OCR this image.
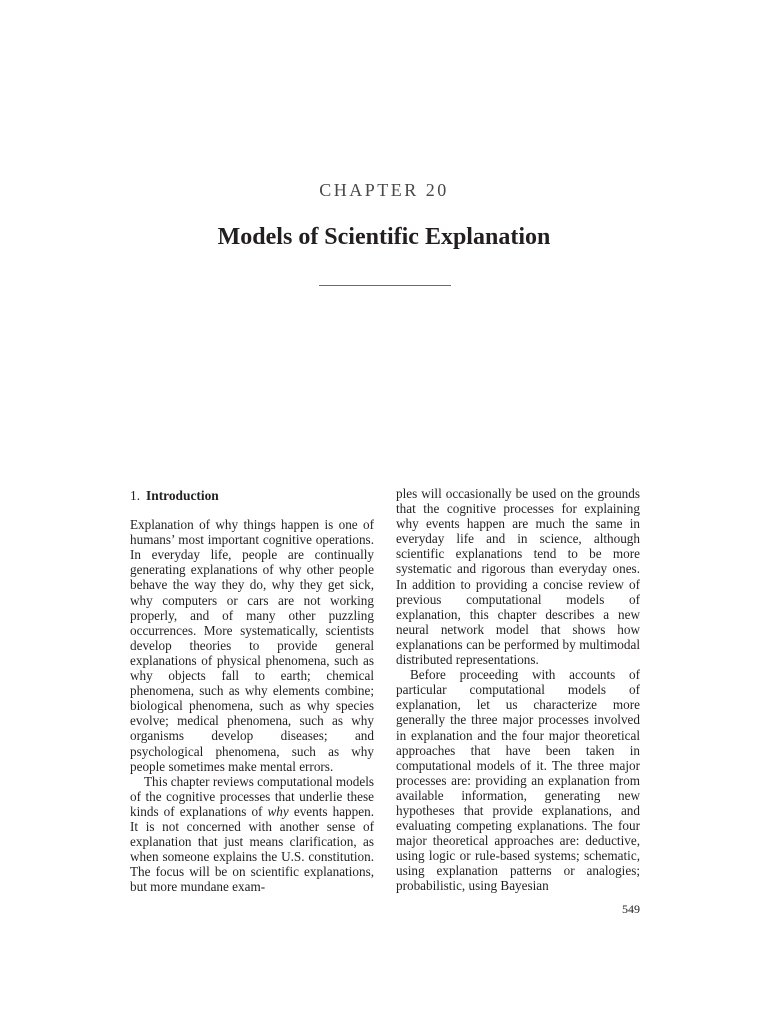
CHAPTER 20
Models of Scientific Explanation
1. Introduction

Explanation of why things happen is one of humans’ most important cognitive operations. In everyday life, people are continually generating explanations of why other people behave the way they do, why they get sick, why computers or cars are not working properly, and of many other puzzling occurrences. More systematically, scientists develop theories to provide general explanations of physical phenomena, such as why objects fall to earth; chemical phenomena, such as why elements combine; biological phenomena, such as why species evolve; medical phenomena, such as why organisms develop diseases; and psychological phenomena, such as why people sometimes make mental errors.

This chapter reviews computational models of the cognitive processes that underlie these kinds of explanations of why events happen. It is not concerned with another sense of explanation that just means clarification, as when someone explains the U.S. constitution. The focus will be on scientific explanations, but more mundane exam-

ples will occasionally be used on the grounds that the cognitive processes for explaining why events happen are much the same in everyday life and in science, although scientific explanations tend to be more systematic and rigorous than everyday ones. In addition to providing a concise review of previous computational models of explanation, this chapter describes a new neural network model that shows how explanations can be performed by multimodal distributed representations.

Before proceeding with accounts of particular computational models of explanation, let us characterize more generally the three major processes involved in explanation and the four major theoretical approaches that have been taken in computational models of it. The three major processes are: providing an explanation from available information, generating new hypotheses that provide explanations, and evaluating competing explanations. The four major theoretical approaches are: deductive, using logic or rule-based systems; schematic, using explanation patterns or analogies; probabilistic, using Bayesian

549
